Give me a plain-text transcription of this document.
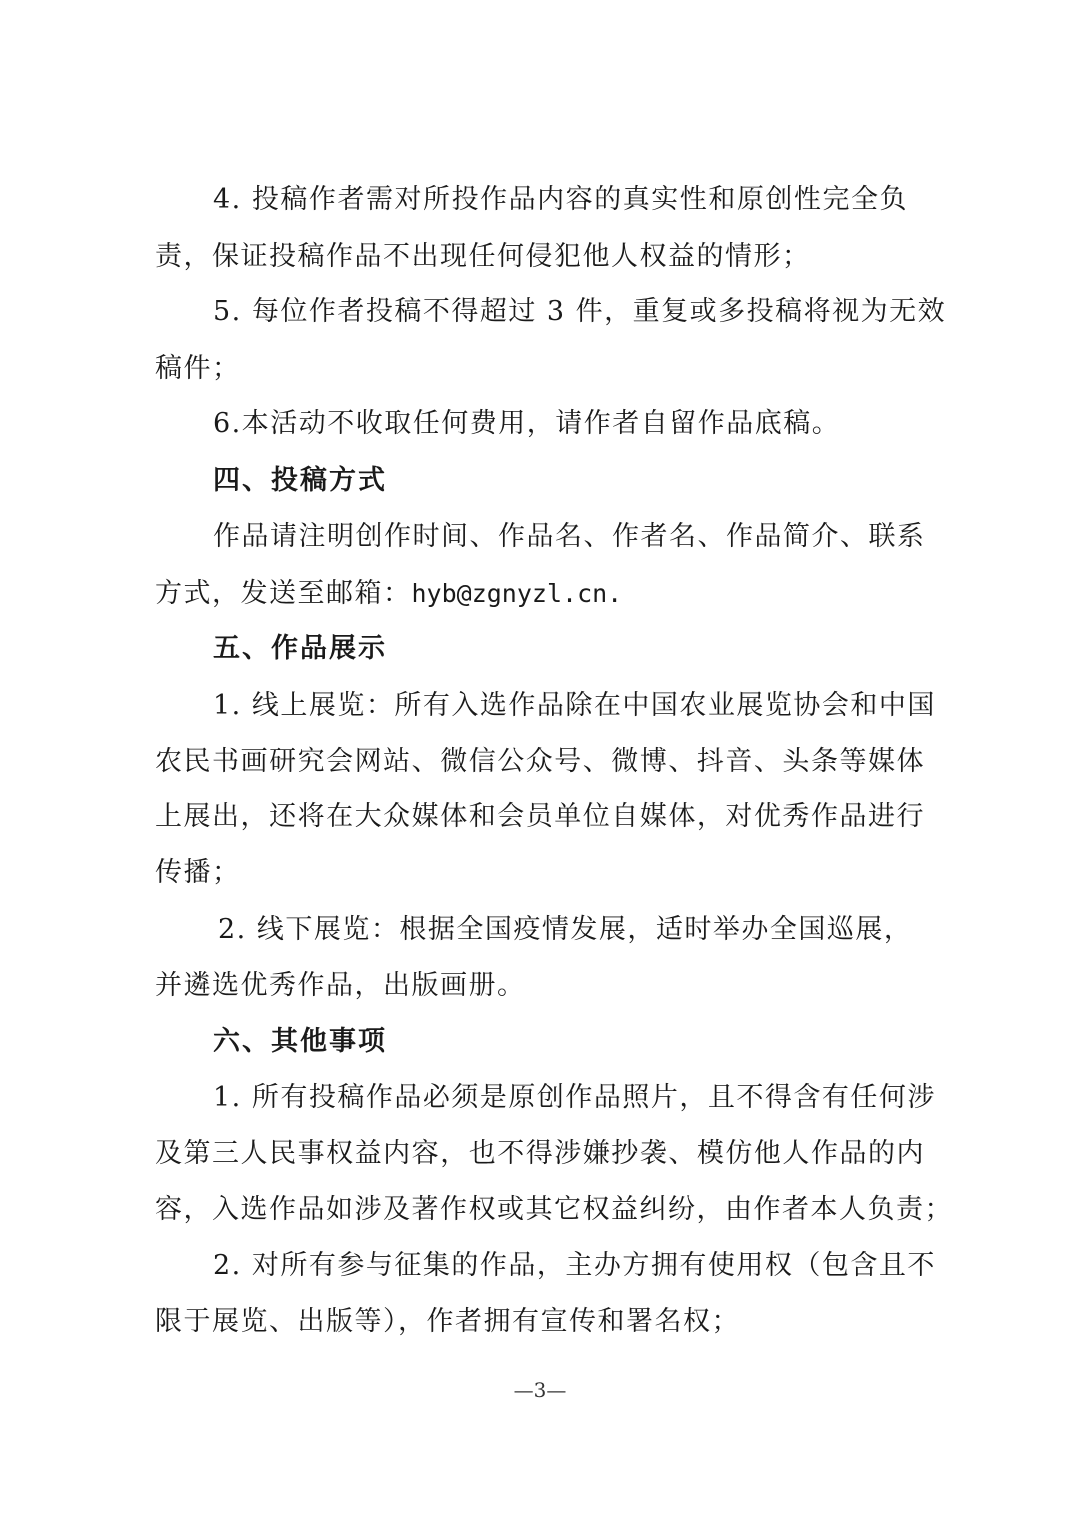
4. 投稿作者需对所投作品内容的真实性和原创性完全负
责，保证投稿作品不出现任何侵犯他人权益的情形；
5. 每位作者投稿不得超过 3 件，重复或多投稿将视为无效
稿件；
6.本活动不收取任何费用，请作者自留作品底稿。
四、投稿方式
作品请注明创作时间、作品名、作者名、作品简介、联系
方式，发送至邮箱：hyb@zgnyzl.cn.
五、作品展示
1. 线上展览：所有入选作品除在中国农业展览协会和中国
农民书画研究会网站、微信公众号、微博、抖音、头条等媒体
上展出，还将在大众媒体和会员单位自媒体，对优秀作品进行
传播；
2. 线下展览：根据全国疫情发展，适时举办全国巡展，
并遴选优秀作品，出版画册。
六、其他事项
1. 所有投稿作品必须是原创作品照片，且不得含有任何涉
及第三人民事权益内容，也不得涉嫌抄袭、模仿他人作品的内
容，入选作品如涉及著作权或其它权益纠纷，由作者本人负责；
2. 对所有参与征集的作品，主办方拥有使用权（包含且不
限于展览、出版等），作者拥有宣传和署名权；
—3—
